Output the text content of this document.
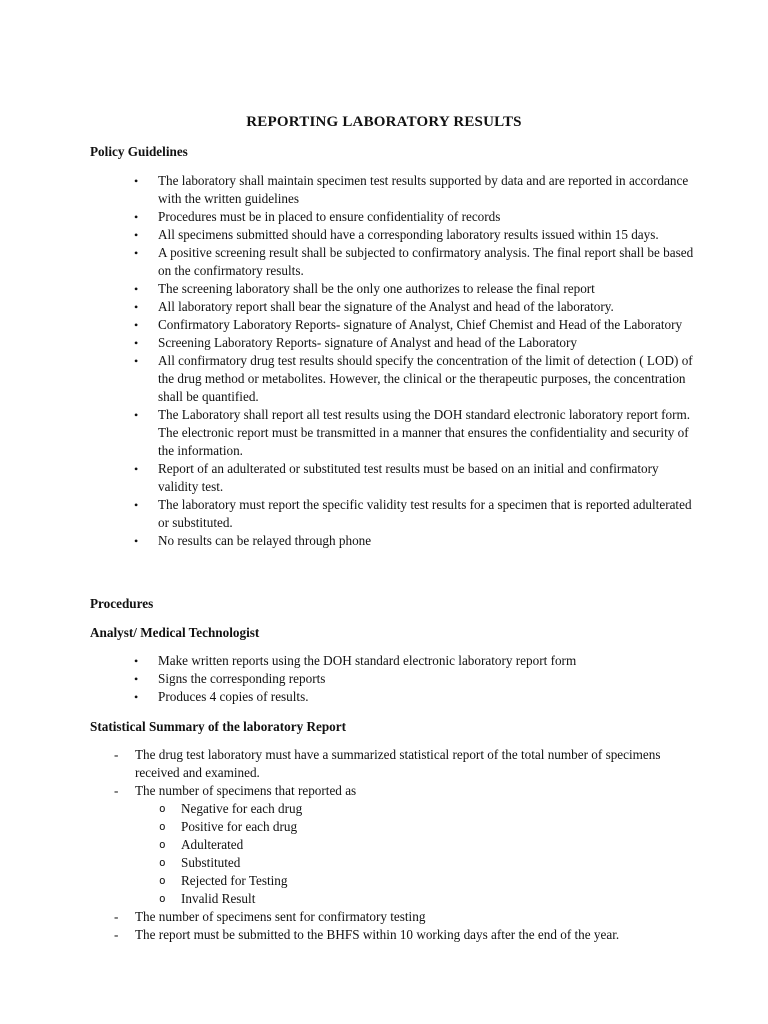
REPORTING LABORATORY RESULTS
Policy Guidelines
• The laboratory shall maintain specimen test results supported by data and are reported in accordance with the written guidelines
• Procedures must be in placed to ensure confidentiality of records
• All specimens submitted should have a corresponding laboratory results issued within 15 days.
• A positive screening result shall be subjected to confirmatory analysis. The final report shall be based on the confirmatory results.
• The screening laboratory shall be the only one authorizes to release the final report
• All laboratory report shall bear the signature of the Analyst and head of the laboratory.
• Confirmatory Laboratory Reports- signature of Analyst, Chief Chemist and Head of the Laboratory
• Screening Laboratory Reports- signature of Analyst and head of the Laboratory
• All confirmatory drug test results should specify the concentration of the limit of detection ( LOD) of the drug method or metabolites. However, the clinical or the therapeutic purposes, the concentration shall be quantified.
• The Laboratory shall report all test results using the DOH standard electronic laboratory report form. The electronic report must be transmitted in a manner that ensures the confidentiality and security of the information.
• Report of an adulterated or substituted test results must be based on an initial and confirmatory validity test.
• The laboratory must report the specific validity test results for a specimen that is reported adulterated or substituted.
• No results can be relayed through phone
Procedures
Analyst/ Medical Technologist
• Make written reports using the DOH standard electronic laboratory report form
• Signs the corresponding reports
• Produces 4 copies of results.
Statistical Summary of the laboratory Report
- The drug test laboratory must have a summarized statistical report of the total number of specimens received and examined.
- The number of specimens that reported as
o Negative for each drug
o Positive for each drug
o Adulterated
o Substituted
o Rejected for Testing
o Invalid Result
- The number of specimens sent for confirmatory testing
- The report must be submitted to the BHFS within 10 working days after the end of the year.
